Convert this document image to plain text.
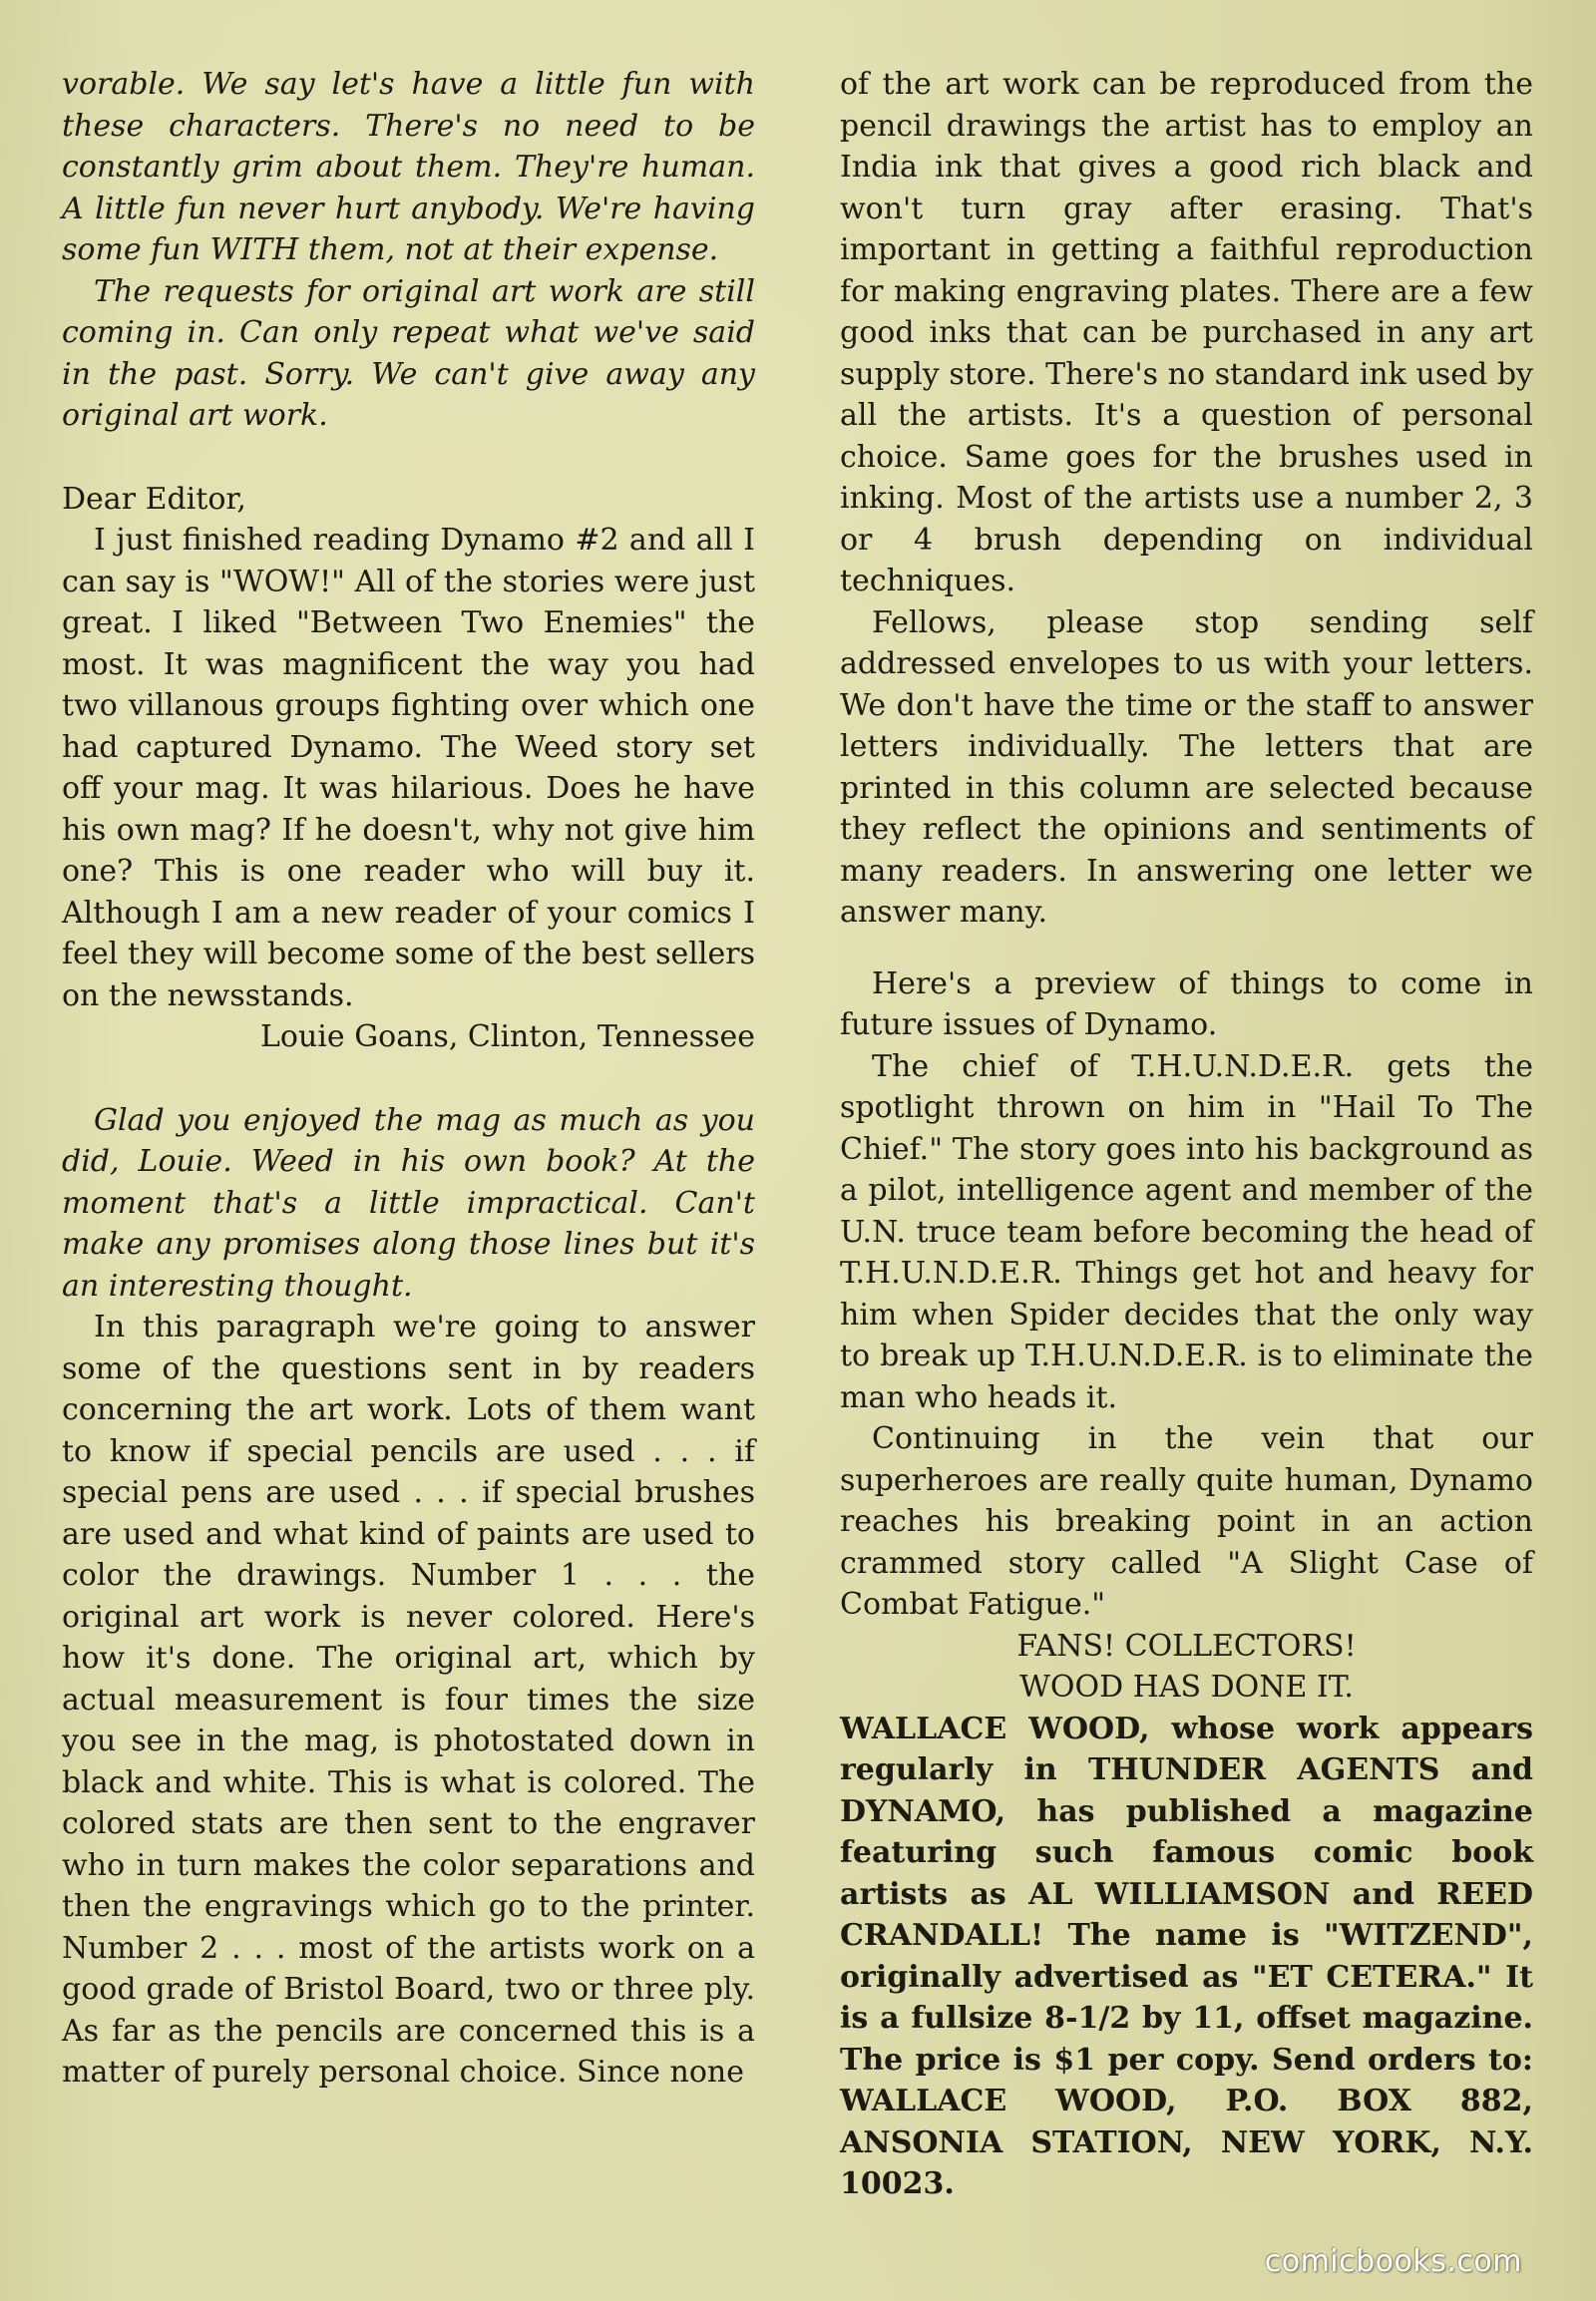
vorable. We say let's have a little fun with these characters. There's no need to be constantly grim about them. They're human. A little fun never hurt anybody. We're having some fun WITH them, not at their expense.

The requests for original art work are still coming in. Can only repeat what we've said in the past. Sorry. We can't give away any original art work.

Dear Editor,

I just finished reading Dynamo #2 and all I can say is "WOW!" All of the stories were just great. I liked "Between Two Enemies" the most. It was magnificent the way you had two villanous groups fighting over which one had captured Dynamo. The Weed story set off your mag. It was hilarious. Does he have his own mag? If he doesn't, why not give him one? This is one reader who will buy it. Although I am a new reader of your comics I feel they will become some of the best sellers on the newsstands.

Louie Goans, Clinton, Tennessee

Glad you enjoyed the mag as much as you did, Louie. Weed in his own book? At the moment that's a little impractical. Can't make any promises along those lines but it's an interesting thought.

In this paragraph we're going to answer some of the questions sent in by readers concerning the art work. Lots of them want to know if special pencils are used . . . if special pens are used . . . if special brushes are used and what kind of paints are used to color the drawings. Number 1 . . . the original art work is never colored. Here's how it's done. The original art, which by actual measurement is four times the size you see in the mag, is photostated down in black and white. This is what is colored. The colored stats are then sent to the engraver who in turn makes the color separations and then the engravings which go to the printer. Number 2 . . . most of the artists work on a good grade of Bristol Board, two or three ply. As far as the pencils are concerned this is a matter of purely personal choice. Since none

of the art work can be reproduced from the pencil drawings the artist has to employ an India ink that gives a good rich black and won't turn gray after erasing. That's important in getting a faithful reproduction for making engraving plates. There are a few good inks that can be purchased in any art supply store. There's no standard ink used by all the artists. It's a question of personal choice. Same goes for the brushes used in inking. Most of the artists use a number 2, 3 or 4 brush depending on individual techniques.

Fellows, please stop sending self addressed envelopes to us with your letters. We don't have the time or the staff to answer letters individually. The letters that are printed in this column are selected because they reflect the opinions and sentiments of many readers. In answering one letter we answer many.

Here's a preview of things to come in future issues of Dynamo.

The chief of T.H.U.N.D.E.R. gets the spotlight thrown on him in "Hail To The Chief." The story goes into his background as a pilot, intelligence agent and member of the U.N. truce team before becoming the head of T.H.U.N.D.E.R. Things get hot and heavy for him when Spider decides that the only way to break up T.H.U.N.D.E.R. is to eliminate the man who heads it.

Continuing in the vein that our superheroes are really quite human, Dynamo reaches his breaking point in an action crammed story called "A Slight Case of Combat Fatigue."

FANS! COLLECTORS!

WOOD HAS DONE IT.

WALLACE WOOD, whose work appears regularly in THUNDER AGENTS and DYNAMO, has published a magazine featuring such famous comic book artists as AL WILLIAMSON and REED CRANDALL! The name is "WITZEND", originally advertised as "ET CETERA." It is a fullsize 8-1/2 by 11, offset magazine. The price is $1 per copy. Send orders to: WALLACE WOOD, P.O. BOX 882, ANSONIA STATION, NEW YORK, N.Y. 10023.

comicbooks.com
